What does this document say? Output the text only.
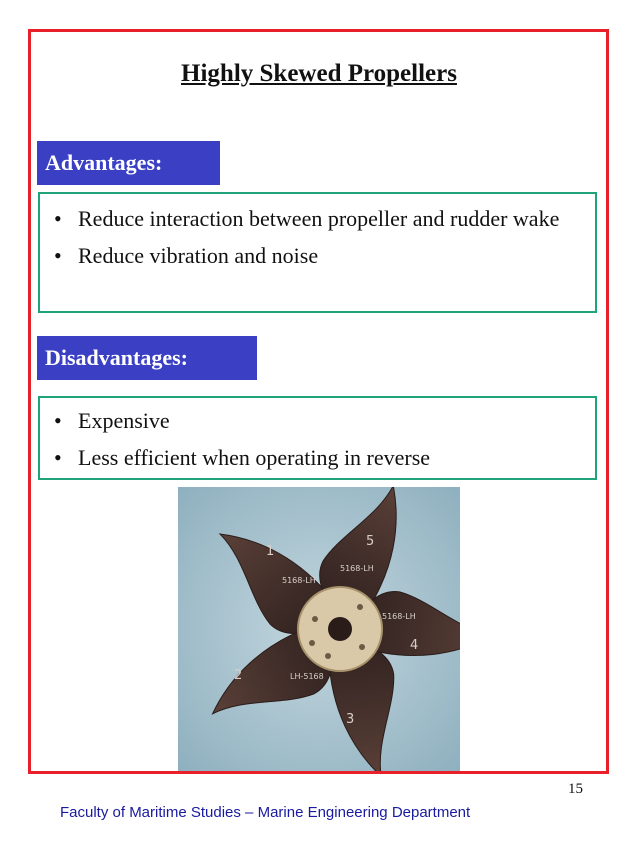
Highly Skewed Propellers
Advantages:
• Reduce interaction between propeller and rudder wake
• Reduce vibration and noise
Disadvantages:
• Expensive
• Less efficient when operating in reverse
1
5
4
3
2
5168-LH
5168-LH
5168-LH
LH-5168
15
Faculty of Maritime Studies – Marine Engineering Department
